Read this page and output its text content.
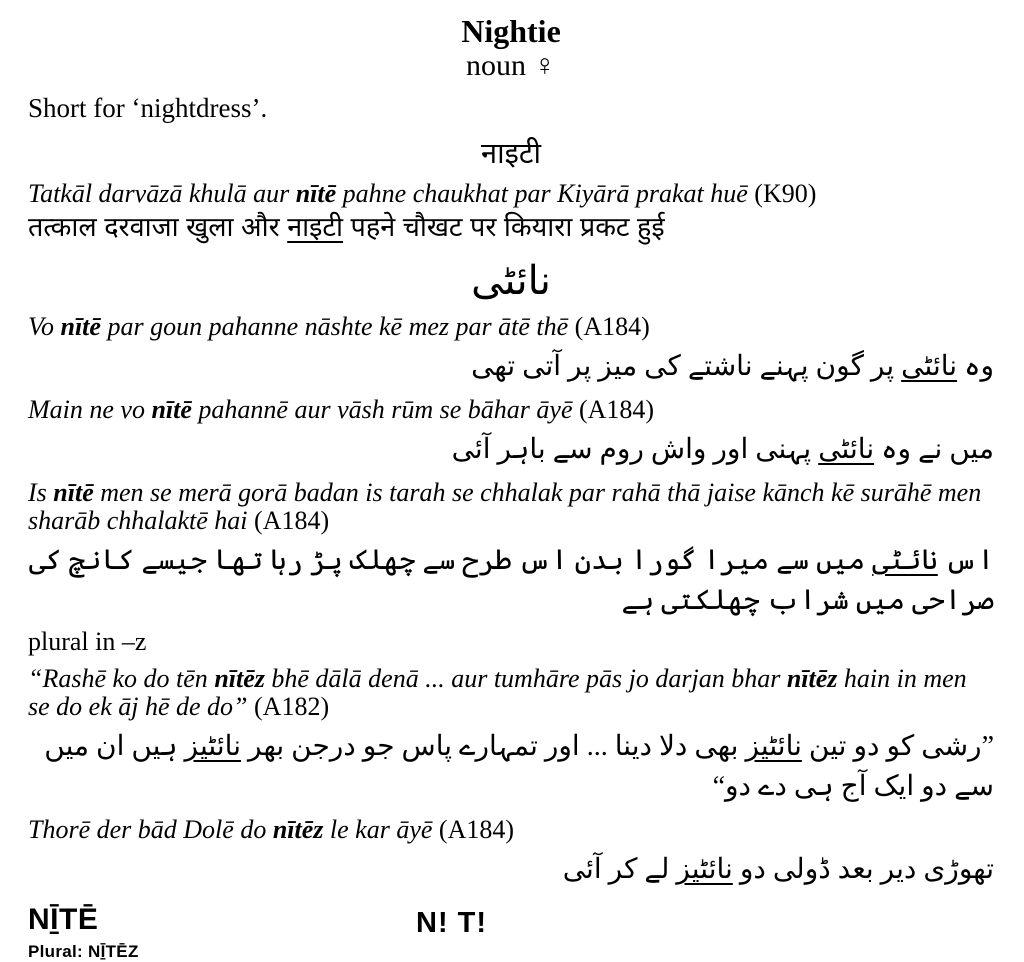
Nightie
noun ♀
Short for ‘nightdress’.
नाइटी
Tatkāl darvāzā khulā aur nītē pahne chaukhat par Kiyārā prakat huē (K90)
तत्काल दरवाजा खुला और नाइटी पहने चौखट पर कियारा प्रकट हुई
نائٹی
Vo nītē par goun pahanne nāshte kē mez par ātē thē (A184)
وہ نائٹی پر گون پہنے ناشتے کی میز پر آتی تھی
Main ne vo nītē pahannē aur vāsh rūm se bāhar āyē (A184)
میں نے وہ نائٹی پہنی اور واش روم سے باہر آئی
Is nītē men se merā gorā badan is tarah se chhalak par rahā thā jaise kānch kē surāhē men sharāb chhalaktē hai (A184)
اس نائٹی میں سے میرا گورا بدن اس طرح سے چھلک پڑ رہا تھا جیسے کانچ کی صراحی میں شراب چھلکتی ہے
plural in –z
“Rashē ko do tēn nītēz bhē dālā denā ... aur tumhāre pās jo darjan bhar nītēz hain in men se do ek āj hē de do” (A182)
”رشی کو دو تین نائٹیز بھی دلا دینا ... اور تمہارے پاس جو درجن بھر نائٹیز ہیں ان میں سے دو ایک آج ہی دے دو“
Thorē der bād Dolē do nītēz le kar āyē (A184)
تھوڑی دیر بعد ڈولی دو نائٹیز لے کر آئی
NĪ̱TĒ	N! T!
Plural: NĪ̱TĒZ
